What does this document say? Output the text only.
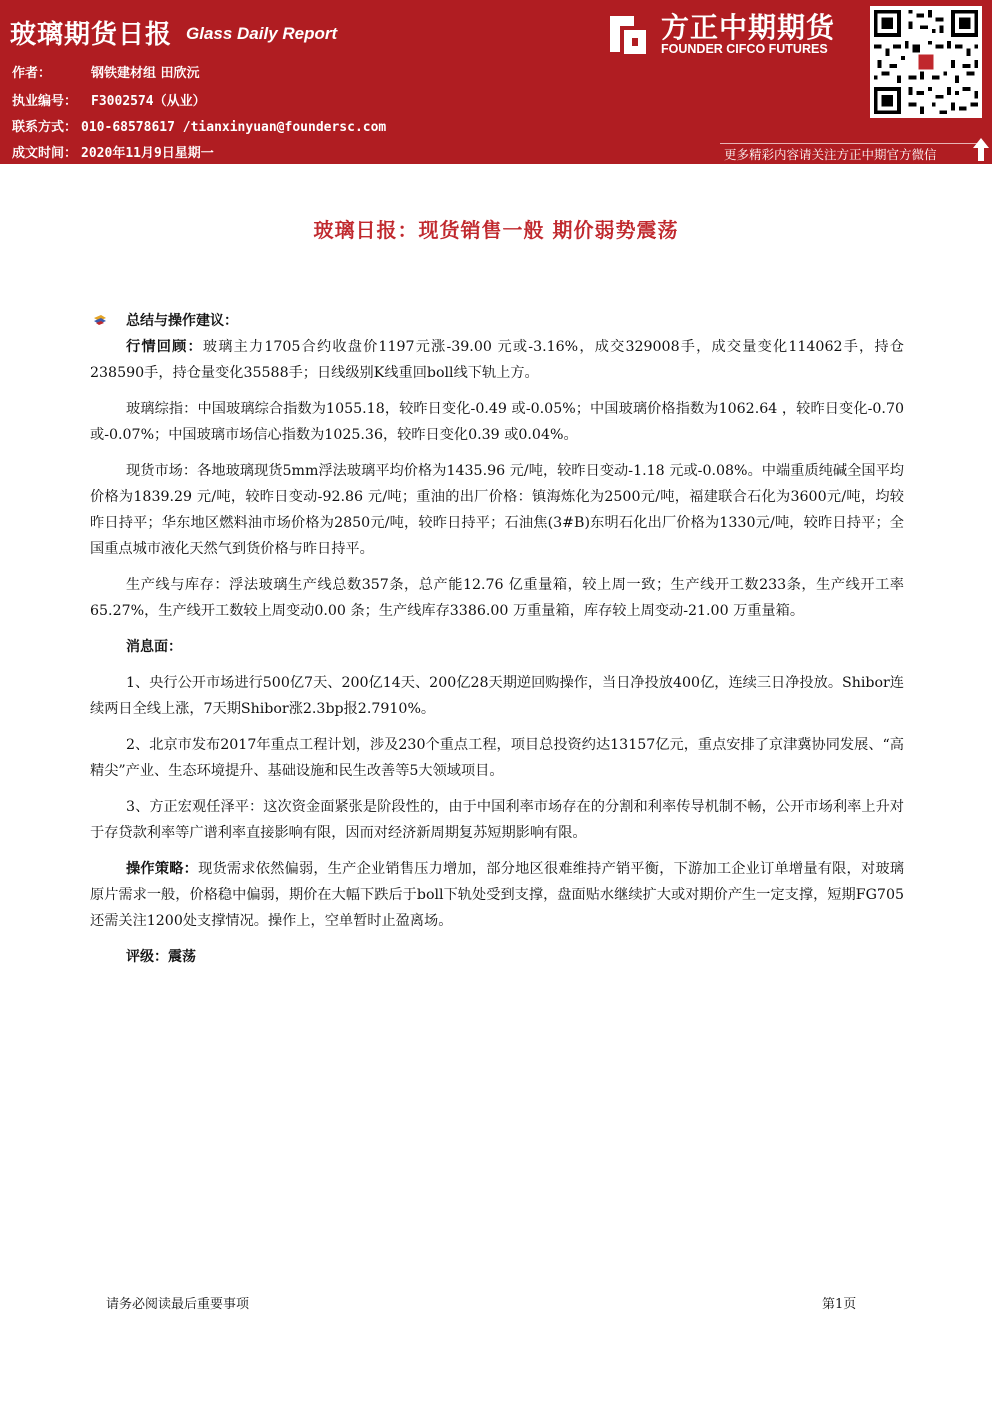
玻璃期货日报 Glass Daily Report
作者：	钢铁建材组 田欣沅
执业编号： F3002574（从业）
联系方式： 010-68578617 /tianxinyuan@foundersc.com
成文时间： 2020年11月9日星期一
方正中期期货
FOUNDER CIFCO FUTURES
更多精彩内容请关注方正中期官方微信
玻璃日报：现货销售一般 期价弱势震荡
总结与操作建议：

行情回顾：玻璃主力1705合约收盘价1197元涨-39.00 元或-3.16%，成交329008手，成交量变化114062手，持仓238590手，持仓量变化35588手；日线级别K线重回boll线下轨上方。

玻璃综指：中国玻璃综合指数为1055.18，较昨日变化-0.49 或-0.05%；中国玻璃价格指数为1062.64 ，较昨日变化-0.70 或-0.07%；中国玻璃市场信心指数为1025.36，较昨日变化0.39 或0.04%。

现货市场：各地玻璃现货5mm浮法玻璃平均价格为1435.96 元/吨，较昨日变动-1.18 元或-0.08%。中端重质纯碱全国平均价格为1839.29 元/吨，较昨日变动-92.86 元/吨；重油的出厂价格：镇海炼化为2500元/吨，福建联合石化为3600元/吨，均较昨日持平；华东地区燃料油市场价格为2850元/吨，较昨日持平；石油焦(3#B)东明石化出厂价格为1330元/吨，较昨日持平；全国重点城市液化天然气到货价格与昨日持平。

生产线与库存：浮法玻璃生产线总数357条，总产能12.76 亿重量箱，较上周一致；生产线开工数233条，生产线开工率65.27%，生产线开工数较上周变动0.00 条；生产线库存3386.00 万重量箱，库存较上周变动-21.00 万重量箱。

消息面：

1、央行公开市场进行500亿7天、200亿14天、200亿28天期逆回购操作，当日净投放400亿，连续三日净投放。Shibor连续两日全线上涨，7天期Shibor涨2.3bp报2.7910%。

2、北京市发布2017年重点工程计划，涉及230个重点工程，项目总投资约达13157亿元，重点安排了京津冀协同发展、“高精尖”产业、生态环境提升、基础设施和民生改善等5大领域项目。

3、方正宏观任泽平：这次资金面紧张是阶段性的，由于中国利率市场存在的分割和利率传导机制不畅，公开市场利率上升对于存贷款利率等广谱利率直接影响有限，因而对经济新周期复苏短期影响有限。

操作策略：现货需求依然偏弱，生产企业销售压力增加，部分地区很难维持产销平衡，下游加工企业订单增量有限，对玻璃原片需求一般，价格稳中偏弱，期价在大幅下跌后于boll下轨处受到支撑，盘面贴水继续扩大或对期价产生一定支撑，短期FG705还需关注1200处支撑情况。操作上，空单暂时止盈离场。

评级：震荡
请务必阅读最后重要事项	第1页
